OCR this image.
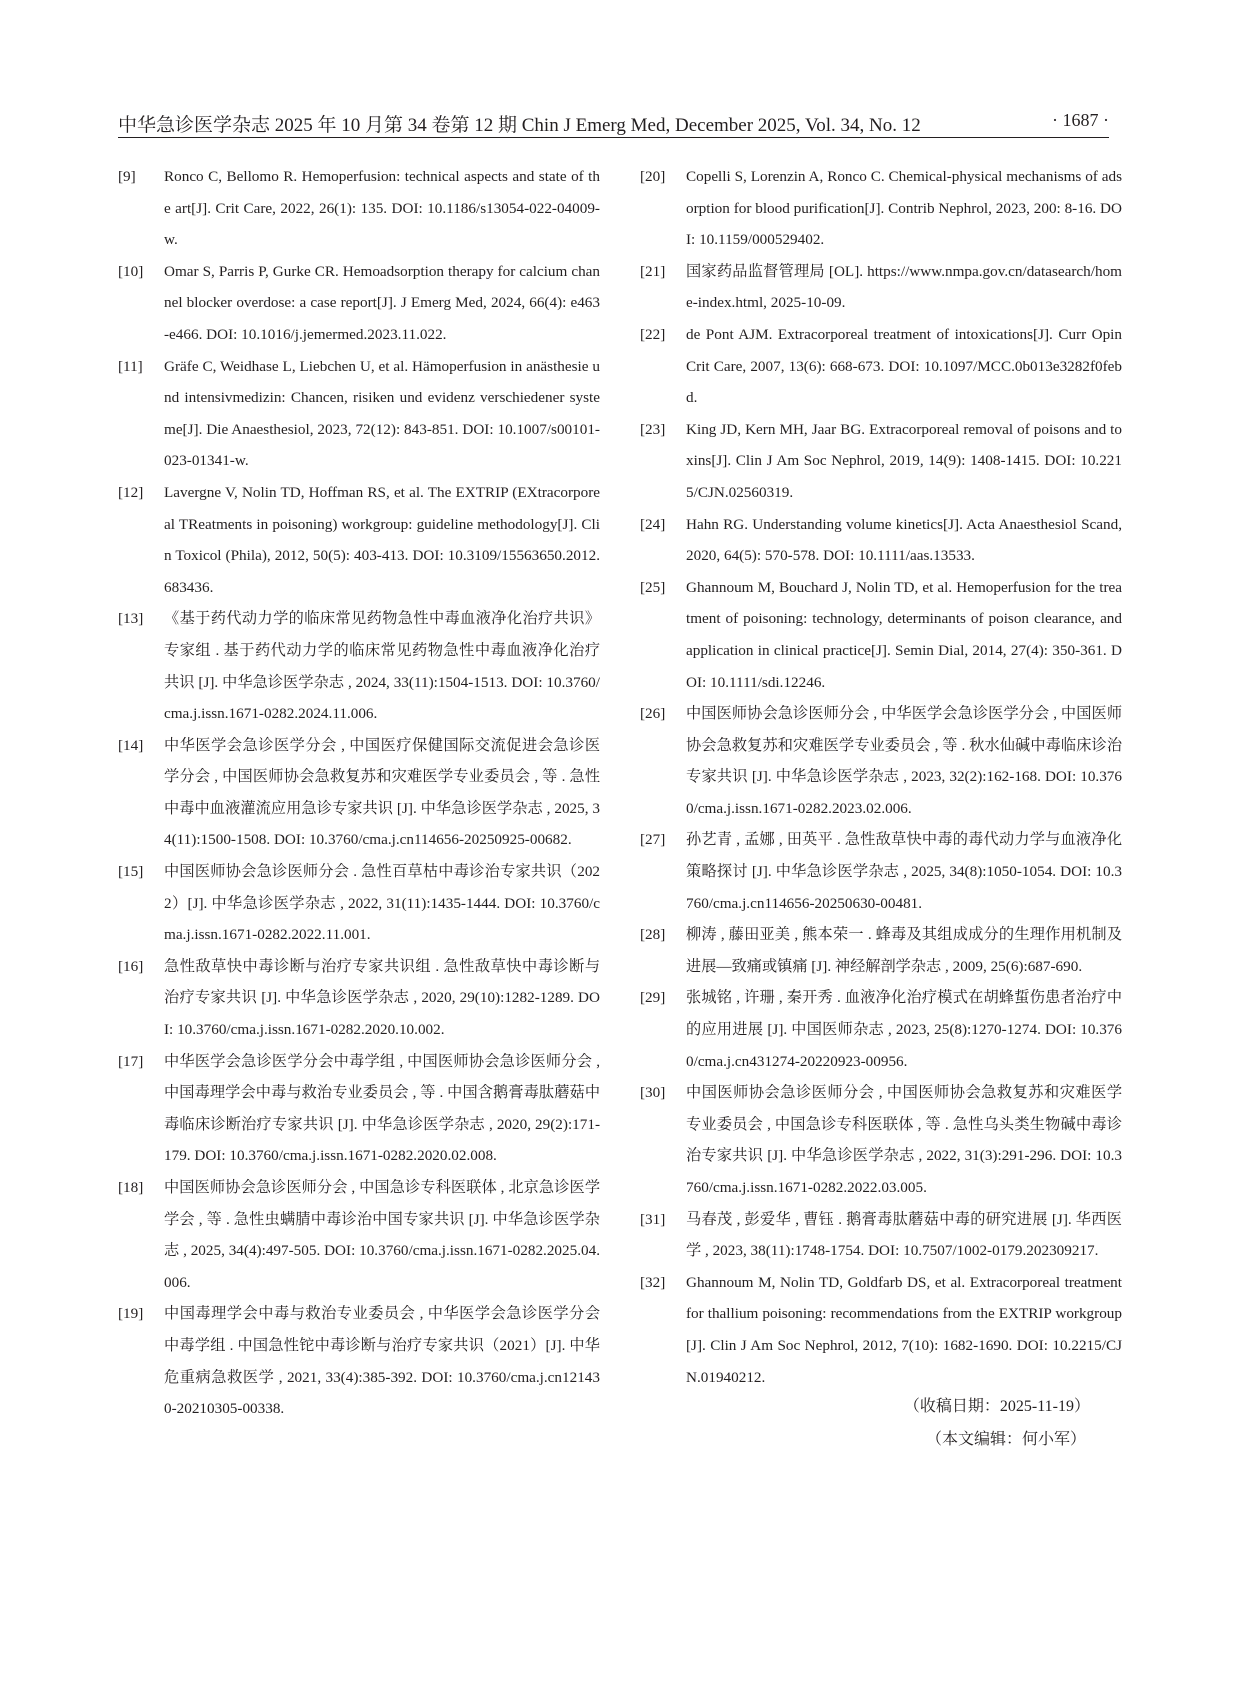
中华急诊医学杂志 2025 年 10 月第 34 卷第 12 期 Chin J Emerg Med, December 2025, Vol. 34, No. 12	· 1687 ·

[9] Ronco C, Bellomo R. Hemoperfusion: technical aspects and state of the art[J]. Crit Care, 2022, 26(1): 135. DOI: 10.1186/s13054-022-04009-w.

[10] Omar S, Parris P, Gurke CR. Hemoadsorption therapy for calcium channel blocker overdose: a case report[J]. J Emerg Med, 2024, 66(4): e463-e466. DOI: 10.1016/j.jemermed.2023.11.022.

[11] Gräfe C, Weidhase L, Liebchen U, et al. Hämoperfusion in anästhesie und intensivmedizin: Chancen, risiken und evidenz verschiedener systeme[J]. Die Anaesthesiol, 2023, 72(12): 843-851. DOI: 10.1007/s00101-023-01341-w.

[12] Lavergne V, Nolin TD, Hoffman RS, et al. The EXTRIP (EXtracorporeal TReatments in poisoning) workgroup: guideline methodology[J]. Clin Toxicol (Phila), 2012, 50(5): 403-413. DOI: 10.3109/15563650.2012.683436.

[13] 《基于药代动力学的临床常见药物急性中毒血液净化治疗共识》专家组 . 基于药代动力学的临床常见药物急性中毒血液净化治疗共识 [J]. 中华急诊医学杂志 , 2024, 33(11):1504-1513. DOI: 10.3760/cma.j.issn.1671-0282.2024.11.006.

[14] 中华医学会急诊医学分会 , 中国医疗保健国际交流促进会急诊医学分会 , 中国医师协会急救复苏和灾难医学专业委员会 , 等 . 急性中毒中血液灌流应用急诊专家共识 [J]. 中华急诊医学杂志 , 2025, 34(11):1500-1508. DOI: 10.3760/cma.j.cn114656-20250925-00682.

[15] 中国医师协会急诊医师分会 . 急性百草枯中毒诊治专家共识（2022）[J]. 中华急诊医学杂志 , 2022, 31(11):1435-1444. DOI: 10.3760/cma.j.issn.1671-0282.2022.11.001.

[16] 急性敌草快中毒诊断与治疗专家共识组 . 急性敌草快中毒诊断与治疗专家共识 [J]. 中华急诊医学杂志 , 2020, 29(10):1282-1289. DOI: 10.3760/cma.j.issn.1671-0282.2020.10.002.

[17] 中华医学会急诊医学分会中毒学组 , 中国医师协会急诊医师分会 , 中国毒理学会中毒与救治专业委员会 , 等 . 中国含鹅膏毒肽蘑菇中毒临床诊断治疗专家共识 [J]. 中华急诊医学杂志 , 2020, 29(2):171-179. DOI: 10.3760/cma.j.issn.1671-0282.2020.02.008.

[18] 中国医师协会急诊医师分会 , 中国急诊专科医联体 , 北京急诊医学学会 , 等 . 急性虫螨腈中毒诊治中国专家共识 [J]. 中华急诊医学杂志 , 2025, 34(4):497-505. DOI: 10.3760/cma.j.issn.1671-0282.2025.04.006.

[19] 中国毒理学会中毒与救治专业委员会 , 中华医学会急诊医学分会中毒学组 . 中国急性铊中毒诊断与治疗专家共识（2021）[J]. 中华危重病急救医学 , 2021, 33(4):385-392. DOI: 10.3760/cma.j.cn121430-20210305-00338.

[20] Copelli S, Lorenzin A, Ronco C. Chemical-physical mechanisms of adsorption for blood purification[J]. Contrib Nephrol, 2023, 200: 8-16. DOI: 10.1159/000529402.

[21] 国家药品监督管理局 [OL]. https://www.nmpa.gov.cn/datasearch/home-index.html, 2025-10-09.

[22] de Pont AJM. Extracorporeal treatment of intoxications[J]. Curr Opin Crit Care, 2007, 13(6): 668-673. DOI: 10.1097/MCC.0b013e3282f0febd.

[23] King JD, Kern MH, Jaar BG. Extracorporeal removal of poisons and toxins[J]. Clin J Am Soc Nephrol, 2019, 14(9): 1408-1415. DOI: 10.2215/CJN.02560319.

[24] Hahn RG. Understanding volume kinetics[J]. Acta Anaesthesiol Scand, 2020, 64(5): 570-578. DOI: 10.1111/aas.13533.

[25] Ghannoum M, Bouchard J, Nolin TD, et al. Hemoperfusion for the treatment of poisoning: technology, determinants of poison clearance, and application in clinical practice[J]. Semin Dial, 2014, 27(4): 350-361. DOI: 10.1111/sdi.12246.

[26] 中国医师协会急诊医师分会 , 中华医学会急诊医学分会 , 中国医师协会急救复苏和灾难医学专业委员会 , 等 . 秋水仙碱中毒临床诊治专家共识 [J]. 中华急诊医学杂志 , 2023, 32(2):162-168. DOI: 10.3760/cma.j.issn.1671-0282.2023.02.006.

[27] 孙艺青 , 孟娜 , 田英平 . 急性敌草快中毒的毒代动力学与血液净化策略探讨 [J]. 中华急诊医学杂志 , 2025, 34(8):1050-1054. DOI: 10.3760/cma.j.cn114656-20250630-00481.

[28] 柳涛 , 藤田亚美 , 熊本荣一 . 蜂毒及其组成成分的生理作用机制及进展—致痛或镇痛 [J]. 神经解剖学杂志 , 2009, 25(6):687-690.

[29] 张城铭 , 许珊 , 秦开秀 . 血液净化治疗模式在胡蜂蜇伤患者治疗中的应用进展 [J]. 中国医师杂志 , 2023, 25(8):1270-1274. DOI: 10.3760/cma.j.cn431274-20220923-00956.

[30] 中国医师协会急诊医师分会 , 中国医师协会急救复苏和灾难医学专业委员会 , 中国急诊专科医联体 , 等 . 急性乌头类生物碱中毒诊治专家共识 [J]. 中华急诊医学杂志 , 2022, 31(3):291-296. DOI: 10.3760/cma.j.issn.1671-0282.2022.03.005.

[31] 马春茂 , 彭爱华 , 曹钰 . 鹅膏毒肽蘑菇中毒的研究进展 [J]. 华西医学 , 2023, 38(11):1748-1754. DOI: 10.7507/1002-0179.202309217.

[32] Ghannoum M, Nolin TD, Goldfarb DS, et al. Extracorporeal treatment for thallium poisoning: recommendations from the EXTRIP workgroup[J]. Clin J Am Soc Nephrol, 2012, 7(10): 1682-1690. DOI: 10.2215/CJN.01940212.

（收稿日期：2025-11-19）
（本文编辑：何小军）
